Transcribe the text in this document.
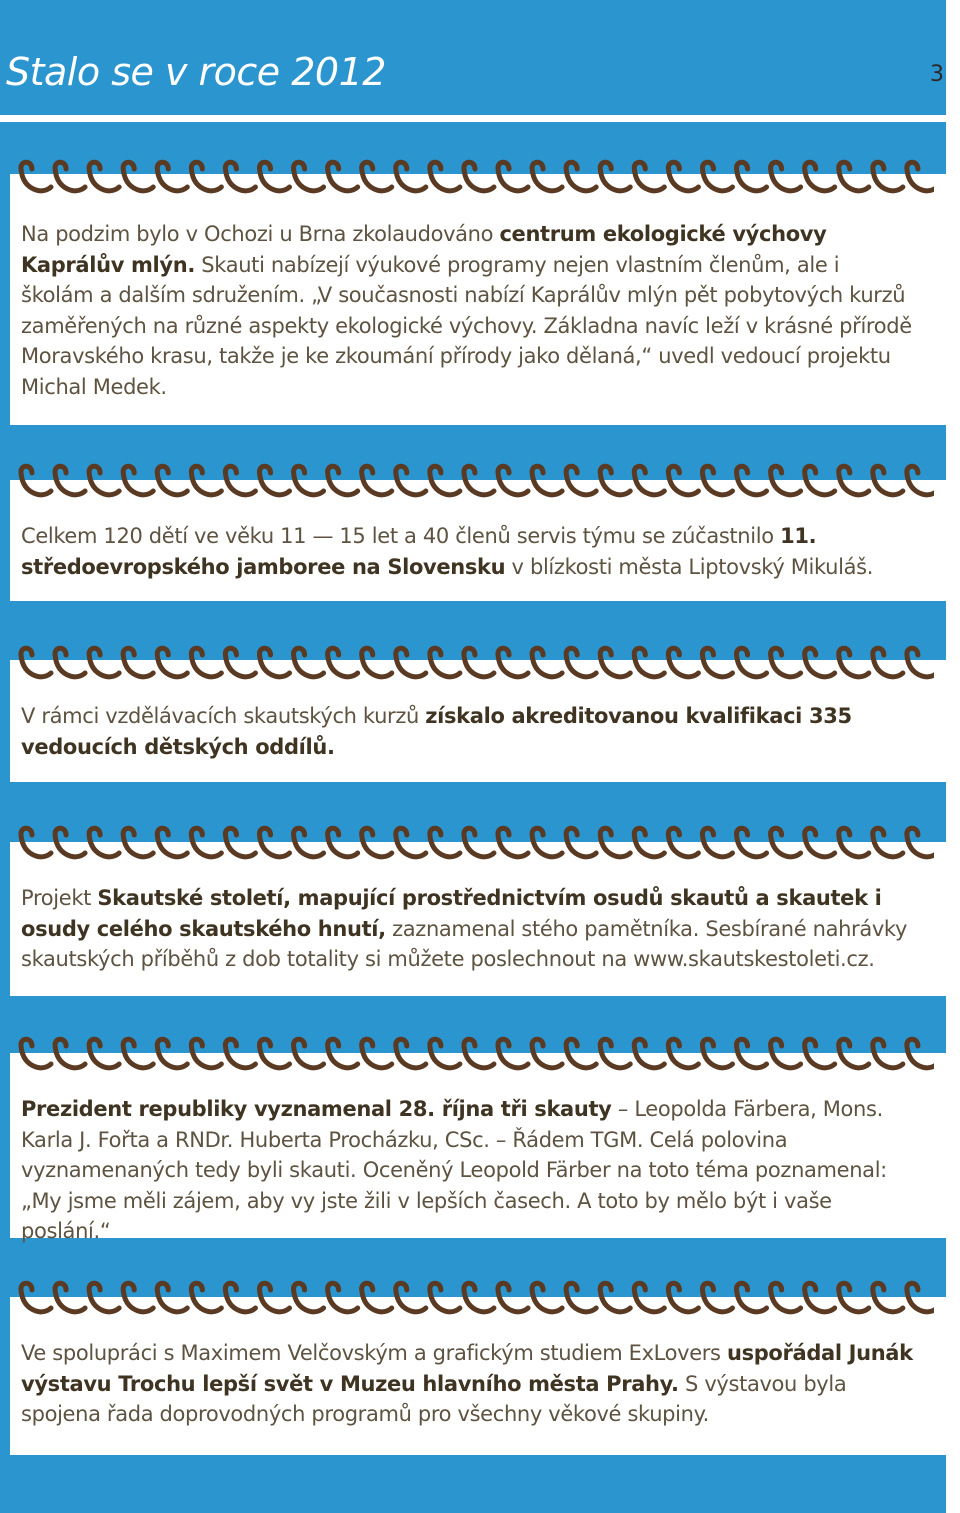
Stalo se v roce 2012	3

Na podzim bylo v Ochozi u Brna zkolaudováno centrum ekologické výchovy Kaprálův mlýn. Skauti nabízejí výukové programy nejen vlastním členům, ale i školám a dalším sdružením. „V současnosti nabízí Kaprálův mlýn pět pobytových kurzů zaměřených na různé aspekty ekologické výchovy. Základna navíc leží v krásné přírodě Moravského krasu, takže je ke zkoumání přírody jako dělaná,“ uvedl vedoucí projektu Michal Medek.

Celkem 120 dětí ve věku 11 — 15 let a 40 členů servis týmu se zúčastnilo 11. středoevropského jamboree na Slovensku v blízkosti města Liptovský Mikuláš.

V rámci vzdělávacích skautských kurzů získalo akreditovanou kvalifikaci 335 vedoucích dětských oddílů.

Projekt Skautské století, mapující prostřednictvím osudů skautů a skautek i osudy celého skautského hnutí, zaznamenal stého pamětníka. Sesbírané nahrávky skautských příběhů z dob totality si můžete poslechnout na www.skautskestoleti.cz.

Prezident republiky vyznamenal 28. října tři skauty – Leopolda Färbera, Mons. Karla J. Fořta a RNDr. Huberta Procházku, CSc. – Řádem TGM. Celá polovina vyznamenaných tedy byli skauti. Oceněný Leopold Färber na toto téma poznamenal: „My jsme měli zájem, aby vy jste žili v lepších časech. A toto by mělo být i vaše poslání.“

Ve spolupráci s Maximem Velčovským a grafickým studiem ExLovers uspořádal Junák výstavu Trochu lepší svět v Muzeu hlavního města Prahy. S výstavou byla spojena řada doprovodných programů pro všechny věkové skupiny.
